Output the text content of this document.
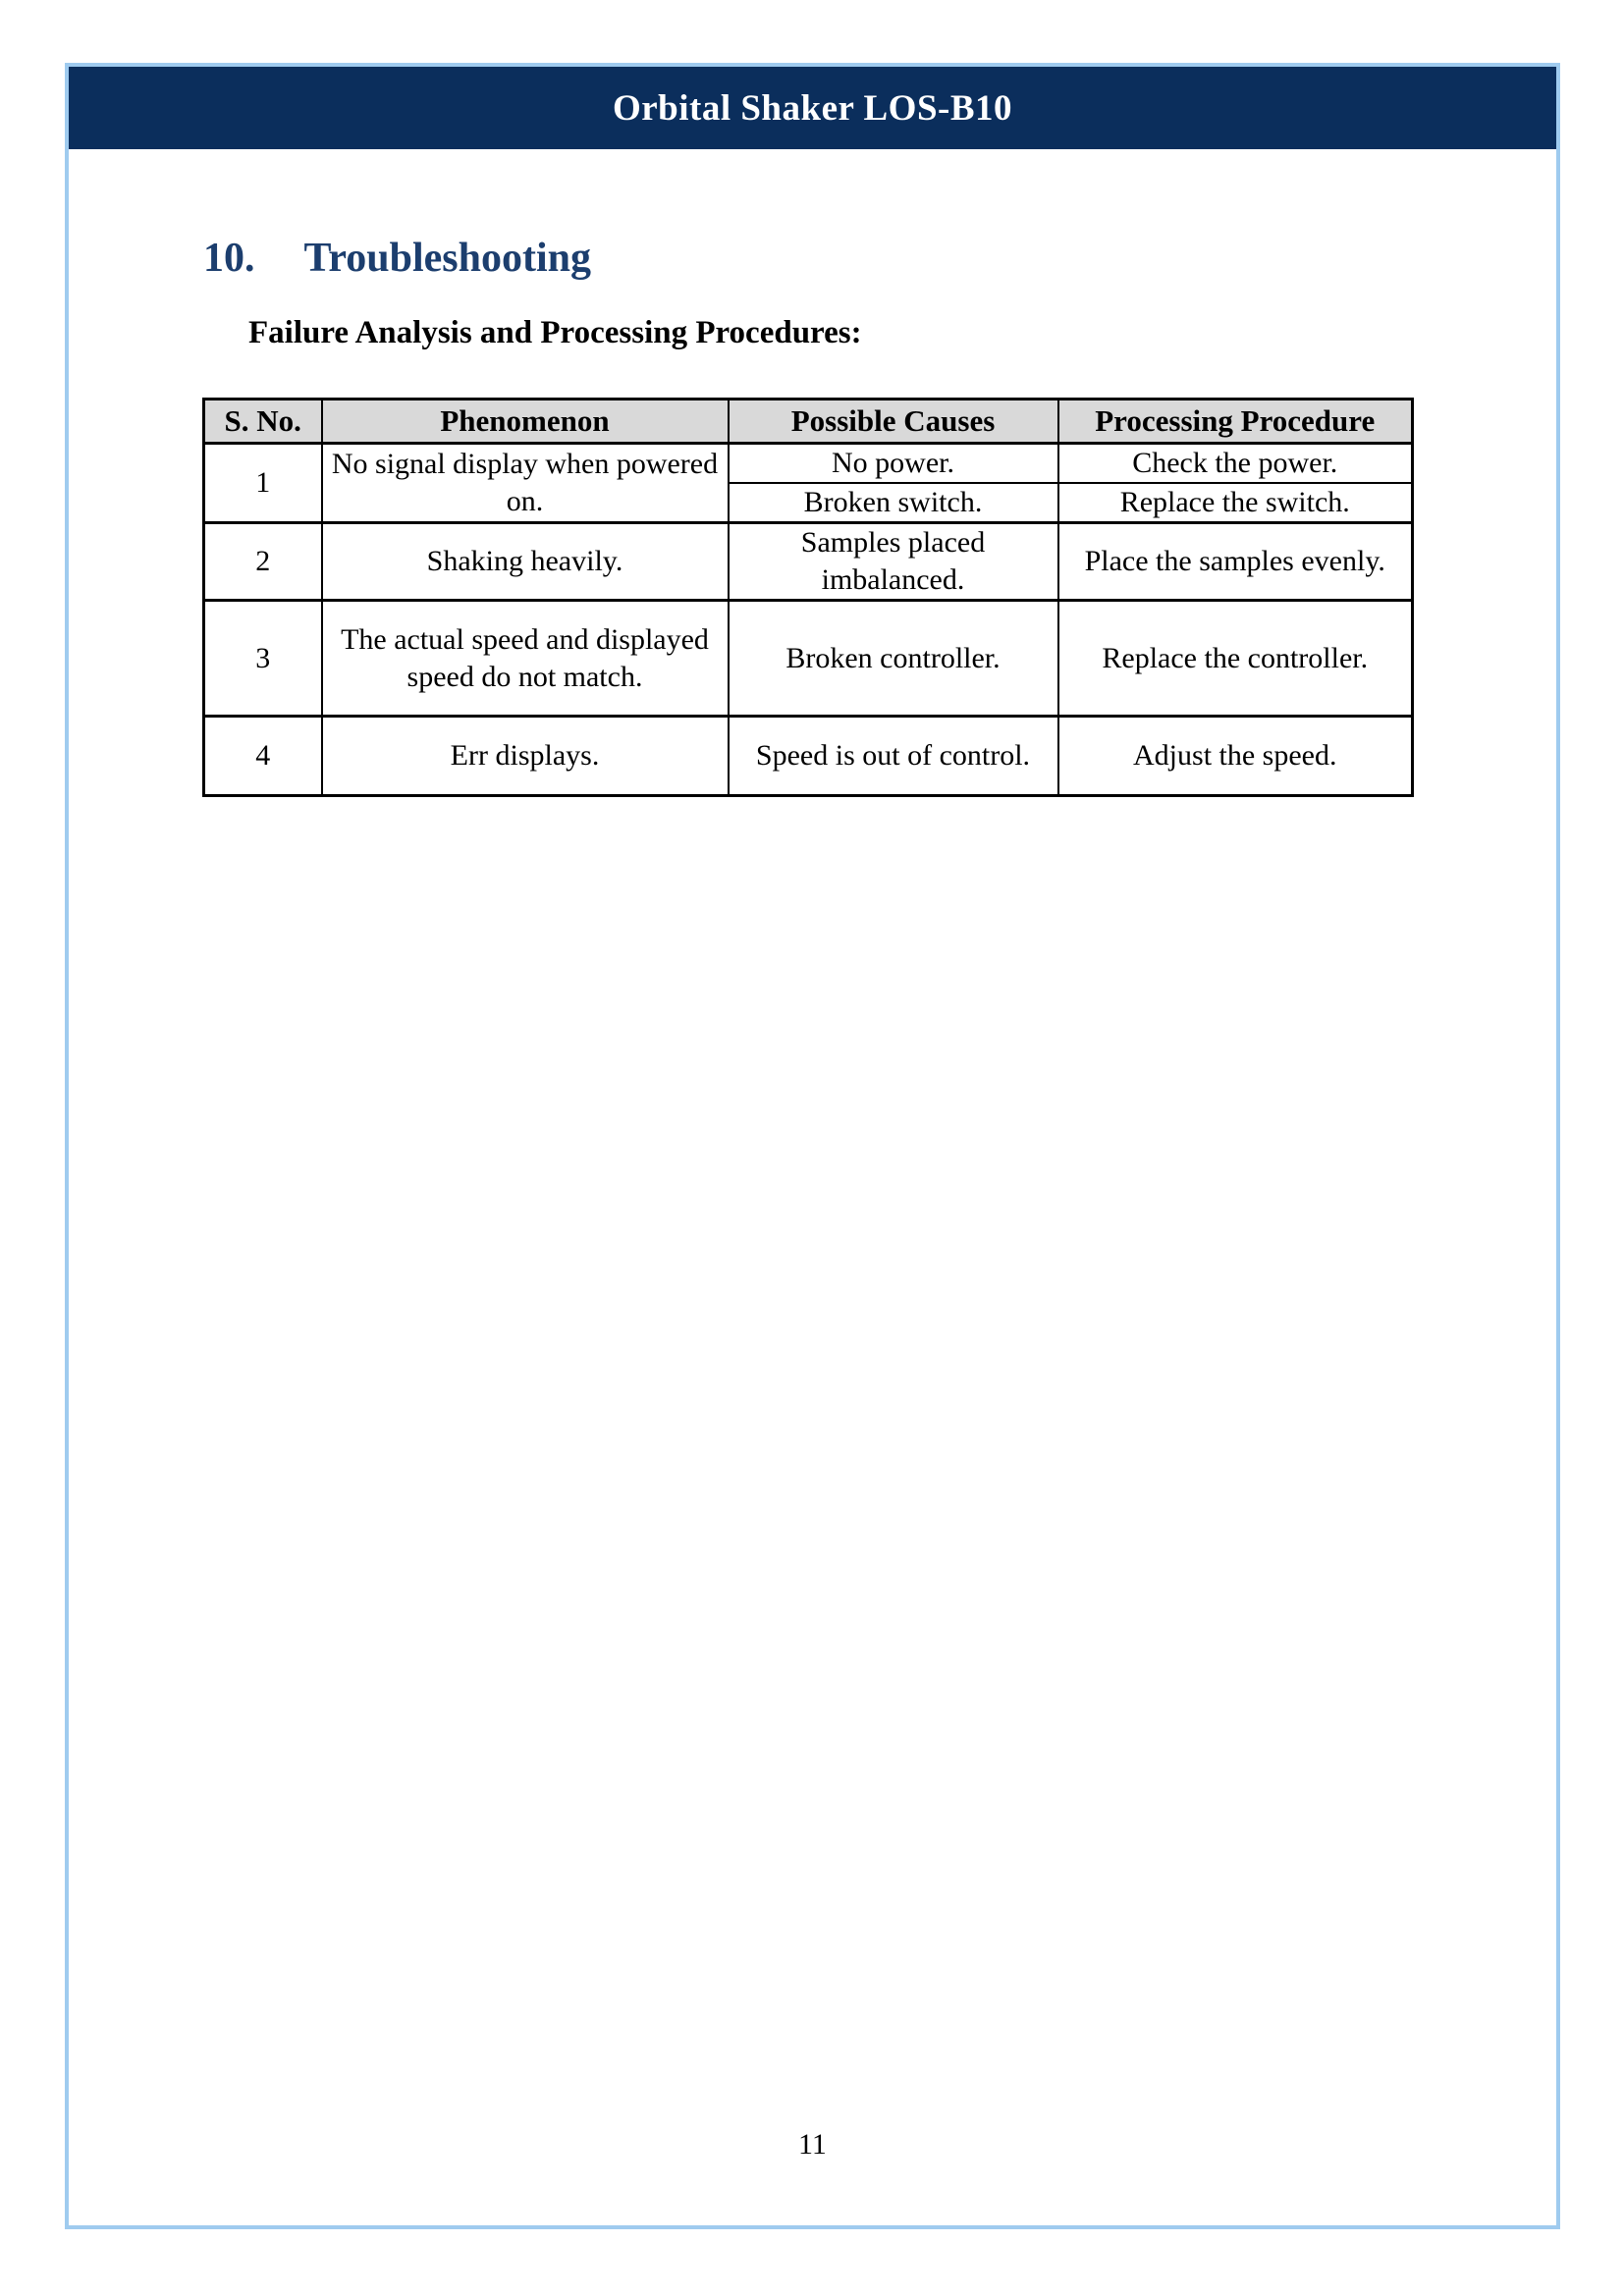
Orbital Shaker LOS-B10
10. Troubleshooting
Failure Analysis and Processing Procedures:
S. No.	Phenomenon	Possible Causes	Processing Procedure
1	No signal display when powered on.	No power.	Check the power.
		Broken switch.	Replace the switch.
2	Shaking heavily.	Samples placed imbalanced.	Place the samples evenly.
3	The actual speed and displayed speed do not match.	Broken controller.	Replace the controller.
4	Err displays.	Speed is out of control.	Adjust the speed.
11
